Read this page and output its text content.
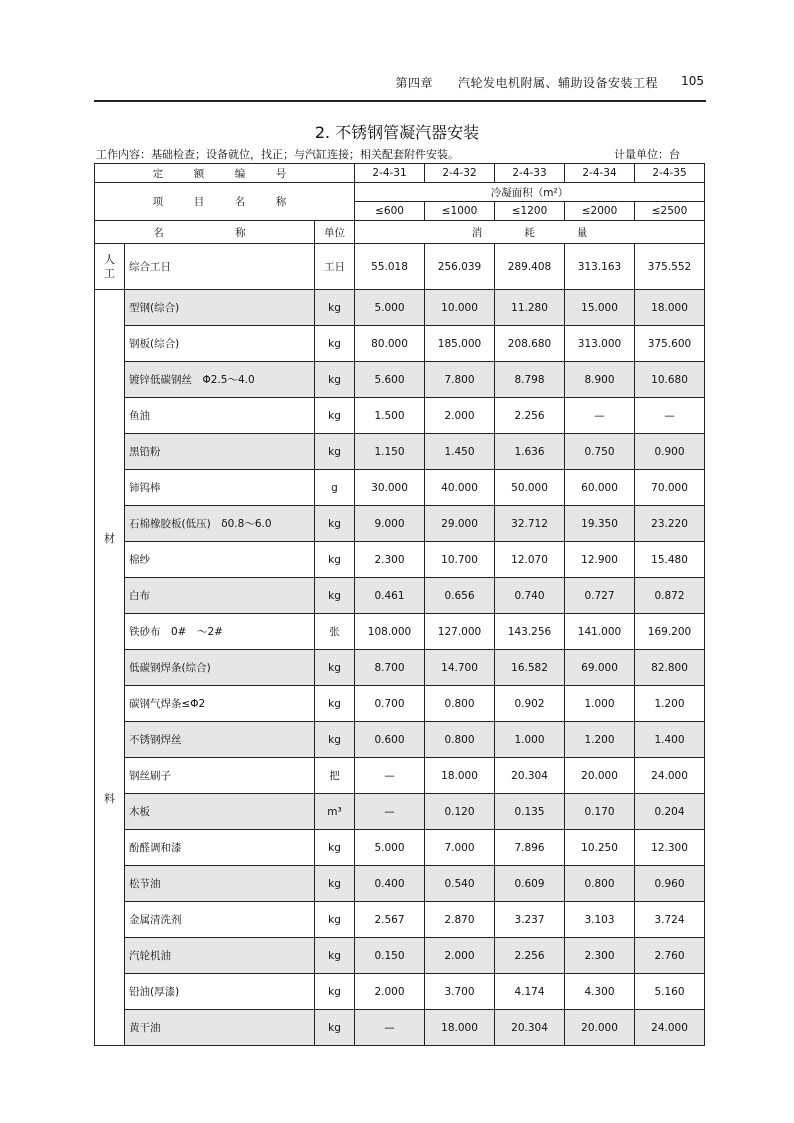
第四章　　汽轮发电机附属、辅助设备安装工程 105
2. 不锈钢管凝汽器安装
工作内容：基础检查；设备就位，找正；与汽缸连接；相关配套附件安装。	计量单位：台
定　额　编　号			2-4-31	2-4-32	2-4-33	2-4-34	2-4-35
项　目　名　称			冷凝面积（m²）				
			≤600	≤1000	≤1200	≤2000	≤2500
名　　　称		单位	消　　　　耗　　　　量				

人
工	综合工日	工日	55.018	256.039	289.408	313.163	375.552

材
料	型钢(综合)	kg	5.000	10.000	11.280	15.000	18.000
	钢板(综合)	kg	80.000	185.000	208.680	313.000	375.600
	镀锌低碳钢丝　Φ2.5～4.0	kg	5.600	7.800	8.798	8.900	10.680
	鱼油	kg	1.500	2.000	2.256	—	—
	黑铅粉	kg	1.150	1.450	1.636	0.750	0.900
	铈钨棒	g	30.000	40.000	50.000	60.000	70.000
	石棉橡胶板(低压)　δ0.8～6.0	kg	9.000	29.000	32.712	19.350	23.220
	棉纱	kg	2.300	10.700	12.070	12.900	15.480
	白布	kg	0.461	0.656	0.740	0.727	0.872
	铁砂布　0#　～2#	张	108.000	127.000	143.256	141.000	169.200
	低碳钢焊条(综合)	kg	8.700	14.700	16.582	69.000	82.800
	碳钢气焊条≤Φ2	kg	0.700	0.800	0.902	1.000	1.200
	不锈钢焊丝	kg	0.600	0.800	1.000	1.200	1.400
	钢丝刷子	把	—	18.000	20.304	20.000	24.000
	木板	m³	—	0.120	0.135	0.170	0.204
	酚醛调和漆	kg	5.000	7.000	7.896	10.250	12.300
	松节油	kg	0.400	0.540	0.609	0.800	0.960
	金属清洗剂	kg	2.567	2.870	3.237	3.103	3.724
	汽轮机油	kg	0.150	2.000	2.256	2.300	2.760
	铅油(厚漆)	kg	2.000	3.700	4.174	4.300	5.160
	黄干油	kg	—	18.000	20.304	20.000	24.000
